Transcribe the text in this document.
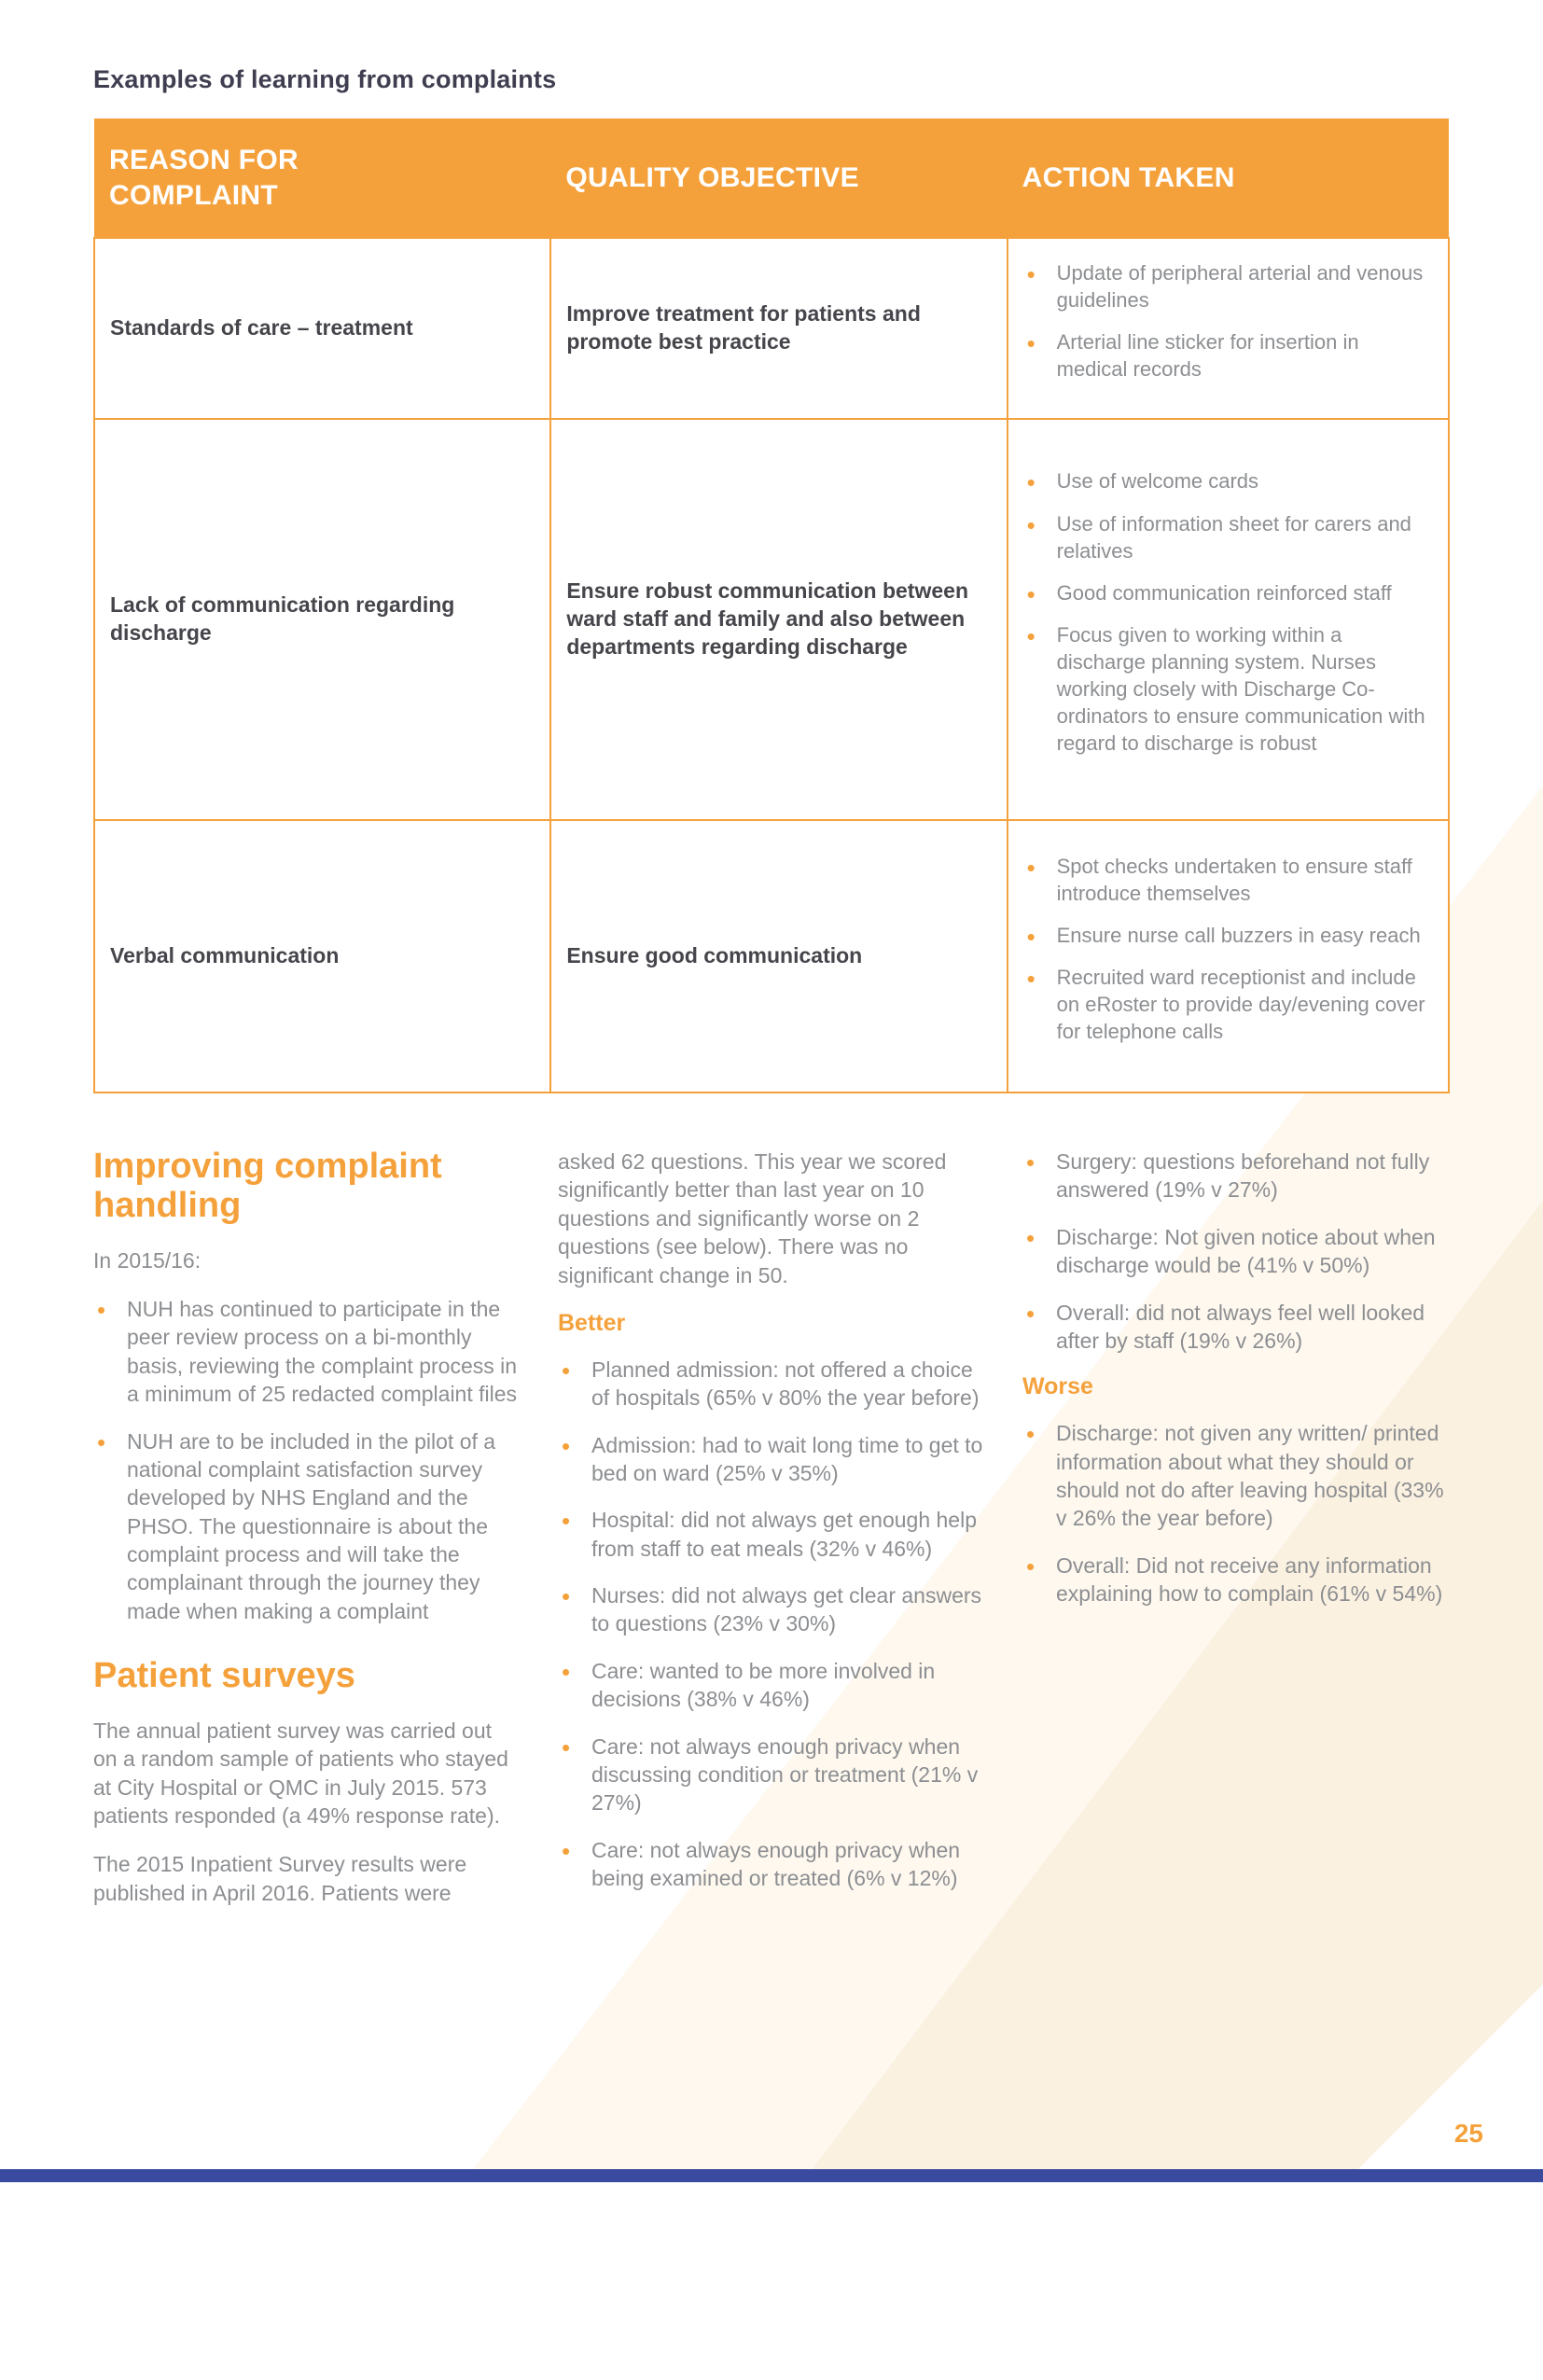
Examples of learning from complaints
REASON FOR COMPLAINT	QUALITY OBJECTIVE	ACTION TAKEN
Standards of care – treatment	Improve treatment for patients and promote best practice	
• Update of peripheral arterial and venous guidelines
• Arterial line sticker for insertion in medical records

Lack of communication regarding discharge	Ensure robust communication between ward staff and family and also between departments regarding discharge	
• Use of welcome cards
• Use of information sheet for carers and relatives
• Good communication reinforced staff
• Focus given to working within a discharge planning system. Nurses working closely with Discharge Co-ordinators to ensure communication with regard to discharge is robust

Verbal communication	Ensure good communication	
• Spot checks undertaken to ensure staff introduce themselves
• Ensure nurse call buzzers in easy reach
• Recruited ward receptionist and include on eRoster to provide day/evening cover for telephone calls
Improving complaint handling

In 2015/16:

• NUH has continued to participate in the peer review process on a bi-monthly basis, reviewing the complaint process in a minimum of 25 redacted complaint files
• NUH are to be included in the pilot of a national complaint satisfaction survey developed by NHS England and the PHSO. The questionnaire is about the complaint process and will take the complainant through the journey they made when making a complaint
Patient surveys

The annual patient survey was carried out on a random sample of patients who stayed at City Hospital or QMC in July 2015. 573 patients responded (a 49% response rate).

The 2015 Inpatient Survey results were published in April 2016. Patients were

asked 62 questions. This year we scored significantly better than last year on 10 questions and significantly worse on 2 questions (see below). There was no significant change in 50.

Better
• Planned admission: not offered a choice of hospitals (65% v 80% the year before)
• Admission: had to wait long time to get to bed on ward (25% v 35%)
• Hospital: did not always get enough help from staff to eat meals (32% v 46%)
• Nurses: did not always get clear answers to questions (23% v 30%)
• Care: wanted to be more involved in decisions (38% v 46%)
• Care: not always enough privacy when discussing condition or treatment (21% v 27%)
• Care: not always enough privacy when being examined or treated (6% v 12%)
• Surgery: questions beforehand not fully answered (19% v 27%)
• Discharge: Not given notice about when discharge would be (41% v 50%)
• Overall: did not always feel well looked after by staff (19% v 26%)
Worse
• Discharge: not given any written/ printed information about what they should or should not do after leaving hospital (33% v 26% the year before)
• Overall: Did not receive any information explaining how to complain (61% v 54%)
25
